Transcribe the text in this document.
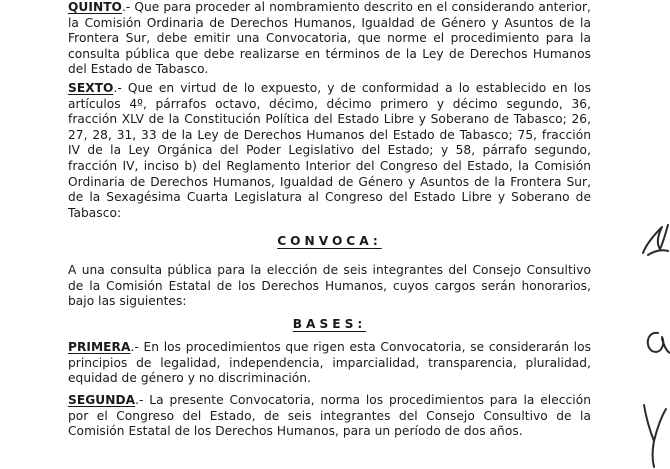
QUINTO.- Que para proceder al nombramiento descrito en el considerando anterior, la Comisión Ordinaria de Derechos Humanos, Igualdad de Género y Asuntos de la Frontera Sur, debe emitir una Convocatoria, que norme el procedimiento para la consulta pública que debe realizarse en términos de la Ley de Derechos Humanos del Estado de Tabasco.

SEXTO.- Que en virtud de lo expuesto, y de conformidad a lo establecido en los artículos 4º, párrafos octavo, décimo, décimo primero y décimo segundo, 36, fracción XLV de la Constitución Política del Estado Libre y Soberano de Tabasco; 26, 27, 28, 31, 33 de la Ley de Derechos Humanos del Estado de Tabasco; 75, fracción IV de la Ley Orgánica del Poder Legislativo del Estado; y 58, párrafo segundo, fracción IV, inciso b) del Reglamento Interior del Congreso del Estado, la Comisión Ordinaria de Derechos Humanos, Igualdad de Género y Asuntos de la Frontera Sur, de la Sexagésima Cuarta Legislatura al Congreso del Estado Libre y Soberano de Tabasco:

CONVOCA:

A una consulta pública para la elección de seis integrantes del Consejo Consultivo de la Comisión Estatal de los Derechos Humanos, cuyos cargos serán honorarios, bajo las siguientes:

BASES:

PRIMERA.- En los procedimientos que rigen esta Convocatoria, se considerarán los principios de legalidad, independencia, imparcialidad, transparencia, pluralidad, equidad de género y no discriminación.

SEGUNDA.- La presente Convocatoria, norma los procedimientos para la elección por el Congreso del Estado, de seis integrantes del Consejo Consultivo de la Comisión Estatal de los Derechos Humanos, para un período de dos años.
